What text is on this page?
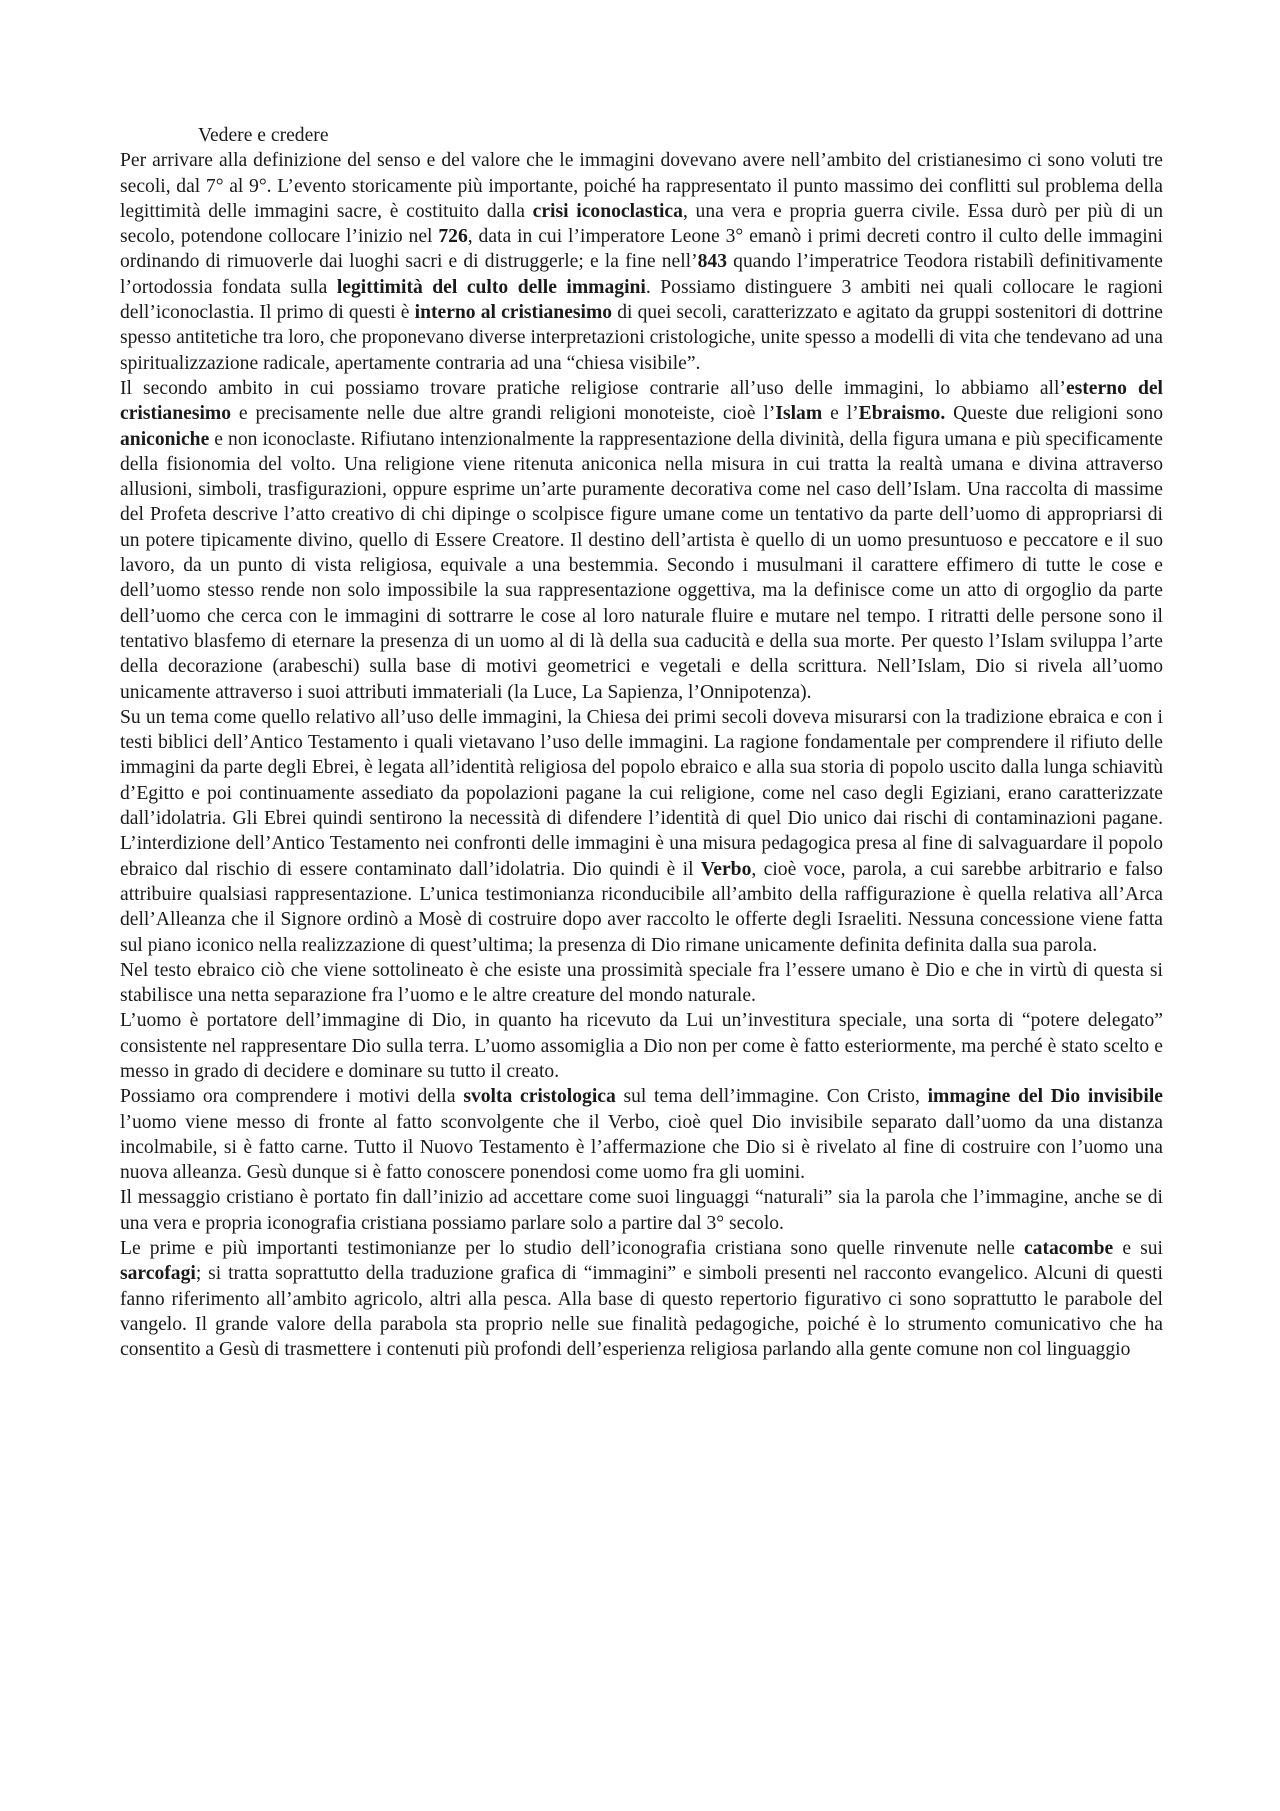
Vedere e credere

Per arrivare alla definizione del senso e del valore che le immagini dovevano avere nell’ambito del cristianesimo ci sono voluti tre secoli, dal 7° al 9°. L’evento storicamente più importante, poiché ha rappresentato il punto massimo dei conflitti sul problema della legittimità delle immagini sacre, è costituito dalla crisi iconoclastica, una vera e propria guerra civile. Essa durò per più di un secolo, potendone collocare l’inizio nel 726, data in cui l’imperatore Leone 3° emanò i primi decreti contro il culto delle immagini ordinando di rimuoverle dai luoghi sacri e di distruggerle; e la fine nell’843 quando l’imperatrice Teodora ristabilì definitivamente l’ortodossia fondata sulla legittimità del culto delle immagini. Possiamo distinguere 3 ambiti nei quali collocare le ragioni dell’iconoclastia. Il primo di questi è interno al cristianesimo di quei secoli, caratterizzato e agitato da gruppi sostenitori di dottrine spesso antitetiche tra loro, che proponevano diverse interpretazioni cristologiche, unite spesso a modelli di vita che tendevano ad una spiritualizzazione radicale, apertamente contraria ad una “chiesa visibile”.

Il secondo ambito in cui possiamo trovare pratiche religiose contrarie all’uso delle immagini, lo abbiamo all’esterno del cristianesimo e precisamente nelle due altre grandi religioni monoteiste, cioè l’Islam e l’Ebraismo. Queste due religioni sono aniconiche e non iconoclaste. Rifiutano intenzionalmente la rappresentazione della divinità, della figura umana e più specificamente della fisionomia del volto. Una religione viene ritenuta aniconica nella misura in cui tratta la realtà umana e divina attraverso allusioni, simboli, trasfigurazioni, oppure esprime un’arte puramente decorativa come nel caso dell’Islam. Una raccolta di massime del Profeta descrive l’atto creativo di chi dipinge o scolpisce figure umane come un tentativo da parte dell’uomo di appropriarsi di un potere tipicamente divino, quello di Essere Creatore. Il destino dell’artista è quello di un uomo presuntuoso e peccatore e il suo lavoro, da un punto di vista religiosa, equivale a una bestemmia. Secondo i musulmani il carattere effimero di tutte le cose e dell’uomo stesso rende non solo impossibile la sua rappresentazione oggettiva, ma la definisce come un atto di orgoglio da parte dell’uomo che cerca con le immagini di sottrarre le cose al loro naturale fluire e mutare nel tempo. I ritratti delle persone sono il tentativo blasfemo di eternare la presenza di un uomo al di là della sua caducità e della sua morte. Per questo l’Islam sviluppa l’arte della decorazione (arabeschi) sulla base di motivi geometrici e vegetali e della scrittura. Nell’Islam, Dio si rivela all’uomo unicamente attraverso i suoi attributi immateriali (la Luce, La Sapienza, l’Onnipotenza).

Su un tema come quello relativo all’uso delle immagini, la Chiesa dei primi secoli doveva misurarsi con la tradizione ebraica e con i testi biblici dell’Antico Testamento i quali vietavano l’uso delle immagini. La ragione fondamentale per comprendere il rifiuto delle immagini da parte degli Ebrei, è legata all’identità religiosa del popolo ebraico e alla sua storia di popolo uscito dalla lunga schiavitù d’Egitto e poi continuamente assediato da popolazioni pagane la cui religione, come nel caso degli Egiziani, erano caratterizzate dall’idolatria. Gli Ebrei quindi sentirono la necessità di difendere l’identità di quel Dio unico dai rischi di contaminazioni pagane. L’interdizione dell’Antico Testamento nei confronti delle immagini è una misura pedagogica presa al fine di salvaguardare il popolo ebraico dal rischio di essere contaminato dall’idolatria. Dio quindi è il Verbo, cioè voce, parola, a cui sarebbe arbitrario e falso attribuire qualsiasi rappresentazione. L’unica testimonianza riconducibile all’ambito della raffigurazione è quella relativa all’Arca dell’Alleanza che il Signore ordinò a Mosè di costruire dopo aver raccolto le offerte degli Israeliti. Nessuna concessione viene fatta sul piano iconico nella realizzazione di quest’ultima; la presenza di Dio rimane unicamente definita definita dalla sua parola.

Nel testo ebraico ciò che viene sottolineato è che esiste una prossimità speciale fra l’essere umano è Dio e che in virtù di questa si stabilisce una netta separazione fra l’uomo e le altre creature del mondo naturale.

L’uomo è portatore dell’immagine di Dio, in quanto ha ricevuto da Lui un’investitura speciale, una sorta di “potere delegato” consistente nel rappresentare Dio sulla terra. L’uomo assomiglia a Dio non per come è fatto esteriormente, ma perché è stato scelto e messo in grado di decidere e dominare su tutto il creato.

Possiamo ora comprendere i motivi della svolta cristologica sul tema dell’immagine. Con Cristo, immagine del Dio invisibile l’uomo viene messo di fronte al fatto sconvolgente che il Verbo, cioè quel Dio invisibile separato dall’uomo da una distanza incolmabile, si è fatto carne. Tutto il Nuovo Testamento è l’affermazione che Dio si è rivelato al fine di costruire con l’uomo una nuova alleanza. Gesù dunque si è fatto conoscere ponendosi come uomo fra gli uomini.

Il messaggio cristiano è portato fin dall’inizio ad accettare come suoi linguaggi “naturali” sia la parola che l’immagine, anche se di una vera e propria iconografia cristiana possiamo parlare solo a partire dal 3° secolo.

Le prime e più importanti testimonianze per lo studio dell’iconografia cristiana sono quelle rinvenute nelle catacombe e sui sarcofagi; si tratta soprattutto della traduzione grafica di “immagini” e simboli presenti nel racconto evangelico. Alcuni di questi fanno riferimento all’ambito agricolo, altri alla pesca. Alla base di questo repertorio figurativo ci sono soprattutto le parabole del vangelo. Il grande valore della parabola sta proprio nelle sue finalità pedagogiche, poiché è lo strumento comunicativo che ha consentito a Gesù di trasmettere i contenuti più profondi dell’esperienza religiosa parlando alla gente comune non col linguaggio
